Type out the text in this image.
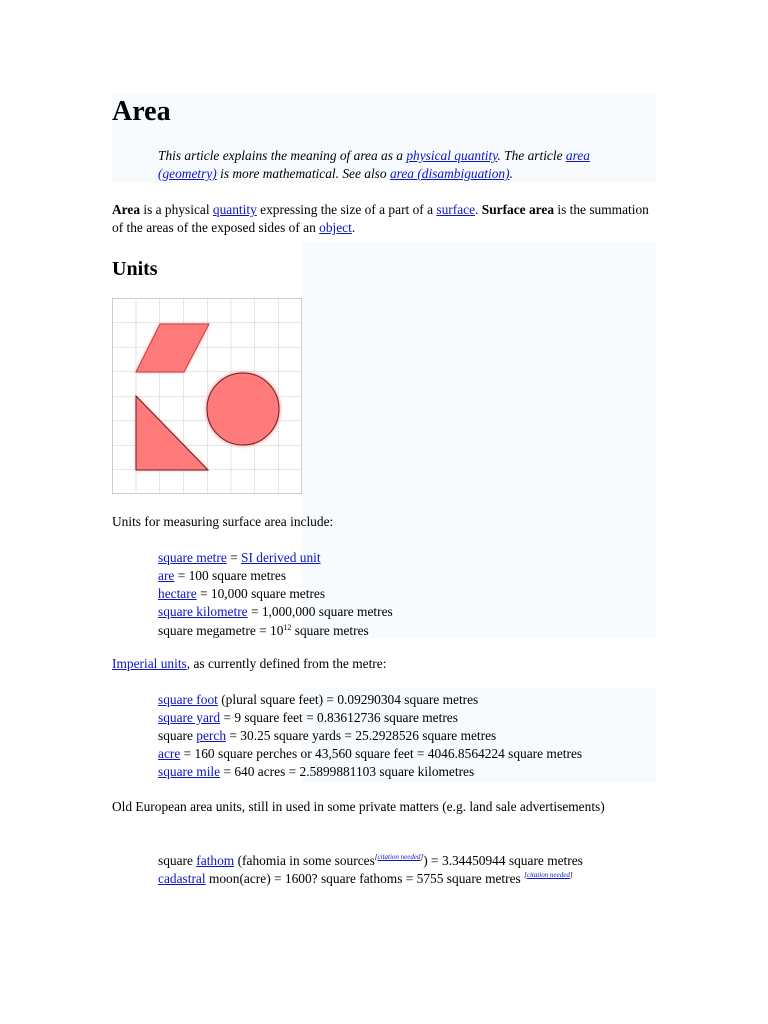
Area
This article explains the meaning of area as a physical quantity. The article area (geometry) is more mathematical. See also area (disambiguation).
Area is a physical quantity expressing the size of a part of a surface. Surface area is the summation of the areas of the exposed sides of an object.
Units
Units for measuring surface area include:
square metre = SI derived unit
are = 100 square metres
hectare = 10,000 square metres
square kilometre = 1,000,000 square metres
square megametre = $10^{12}$ square metres
Imperial units, as currently defined from the metre:
square foot (plural square feet) = 0.09290304 square metres
square yard = 9 square feet = 0.83612736 square metres
square perch = 30.25 square yards = 25.2928526 square metres
acre = 160 square perches or 43,560 square feet = 4046.8564224 square metres
square mile = 640 acres = 2.5899881103 square kilometres
Old European area units, still in used in some private matters (e.g. land sale advertisements)
square fathom (fahomia in some sources[citation needed]) = 3.34450944 square metres
cadastral moon(acre) = 1600? square fathoms = 5755 square metres [citation needed]
